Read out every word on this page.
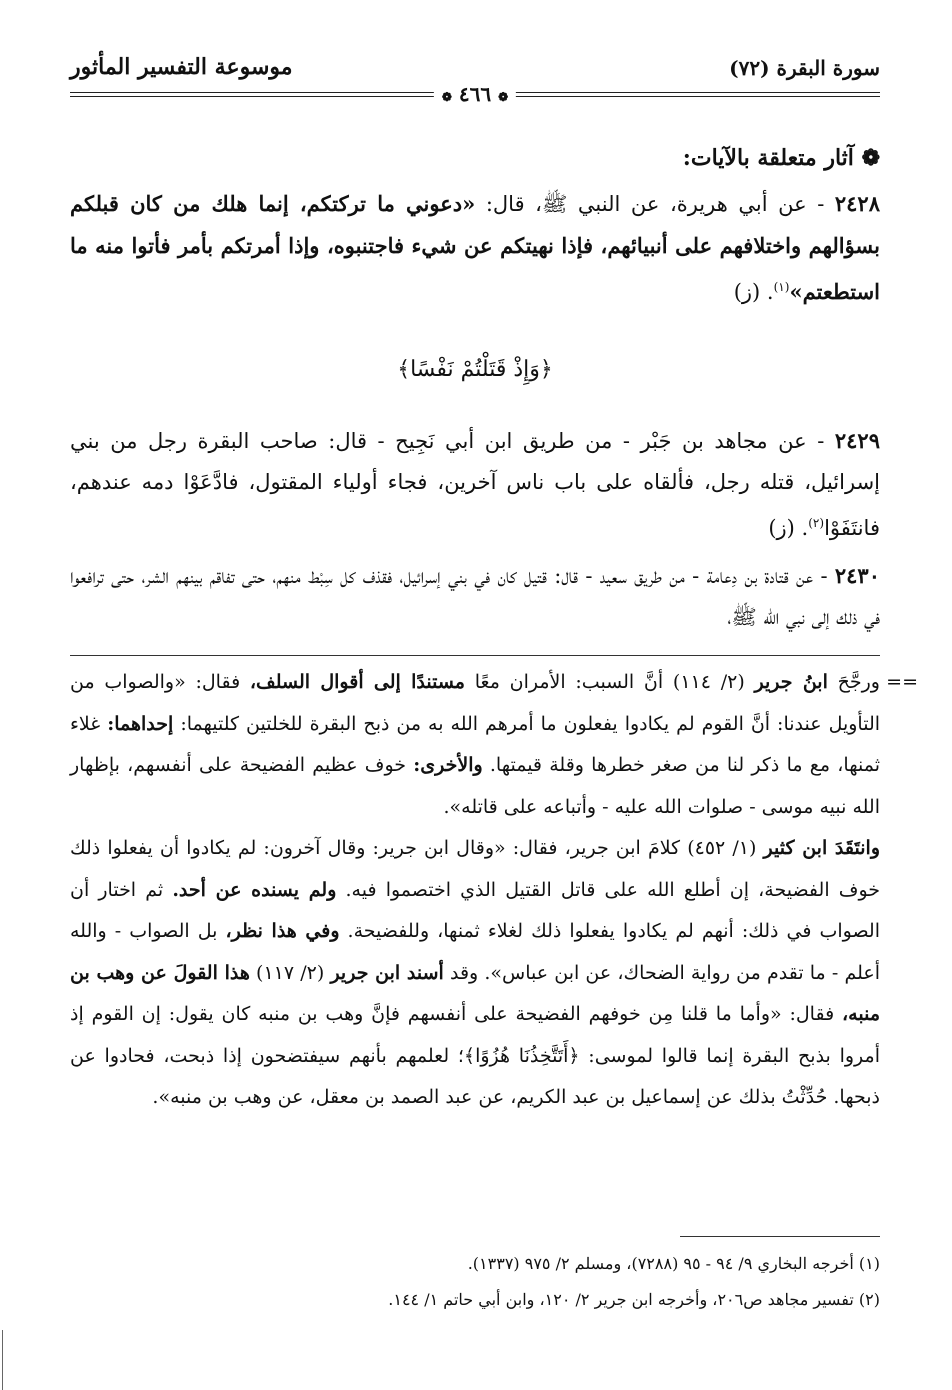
سورة البقرة (٧٢)
موسوعة التفسير المأثور
❁ ٤٦٦ ❁

❁ آثار متعلقة بالآيات:

٢٤٢٨ - عن أبي هريرة، عن النبي ﷺ، قال: «دعوني ما تركتكم، إنما هلك من كان قبلكم بسؤالهم واختلافهم على أنبيائهم، فإذا نهيتكم عن شيء فاجتنبوه، وإذا أمرتكم بأمر فأتوا منه ما استطعتم»$^{(١)}$. (ز)

﴿وَإِذْ قَتَلْتُمْ نَفْسًا﴾

٢٤٢٩ - عن مجاهد بن جَبْر - من طريق ابن أبي نَجِيح - قال: صاحب البقرة رجل من بني إسرائيل، قتله رجل، فألقاه على باب ناس آخرين، فجاء أولياء المقتول، فادَّعَوْا دمه عندهم، فانتَفَوْا$^{(٢)}$. (ز)

٢٤٣٠ - عن قتادة بن دِعامة - من طريق سعيد - قال: قتيل كان في بني إسرائيل، فقذف كل سِبْط منهم، حتى تفاقم بينهم الشر، حتى ترافعوا في ذلك إلى نبي الله ﷺ،

==

ورجَّحَ ابنُ جرير (٢/ ١١٤) أنَّ السبب: الأمران معًا مستندًا إلى أقوال السلف، فقال: «والصواب من التأويل عندنا: أنَّ القوم لم يكادوا يفعلون ما أمرهم الله به من ذبح البقرة للخلتين كلتيهما: إحداهما: غلاء ثمنها، مع ما ذكر لنا من صغر خطرها وقلة قيمتها. والأخرى: خوف عظيم الفضيحة على أنفسهم، بإظهار الله نبيه موسى - صلوات الله عليه - وأتباعه على قاتله».

وانتَقَدَ ابن كثير (١/ ٤٥٢) كلامَ ابن جرير، فقال: «وقال ابن جرير: وقال آخرون: لم يكادوا أن يفعلوا ذلك خوف الفضيحة، إن أطلع الله على قاتل القتيل الذي اختصموا فيه. ولم يسنده عن أحد. ثم اختار أن الصواب في ذلك: أنهم لم يكادوا يفعلوا ذلك لغلاء ثمنها، وللفضيحة. وفي هذا نظر، بل الصواب - والله أعلم - ما تقدم من رواية الضحاك، عن ابن عباس». وقد أسند ابن جرير (٢/ ١١٧) هذا القولَ عن وهب بن منبه، فقال: «وأما ما قلنا مِن خوفهم الفضيحة على أنفسهم فإنَّ وهب بن منبه كان يقول: إن القوم إذ أمروا بذبح البقرة إنما قالوا لموسى: ﴿أَتَتَّخِذُنَا هُزُوًا﴾؛ لعلمهم بأنهم سيفتضحون إذا ذبحت، فحادوا عن ذبحها. حُدِّثْتُ بذلك عن إسماعيل بن عبد الكريم، عن عبد الصمد بن معقل، عن وهب بن منبه».

(١) أخرجه البخاري ٩/ ٩٤ - ٩٥ (٧٢٨٨)، ومسلم ٢/ ٩٧٥ (١٣٣٧).

(٢) تفسير مجاهد ص٢٠٦، وأخرجه ابن جرير ٢/ ١٢٠، وابن أبي حاتم ١/ ١٤٤.
